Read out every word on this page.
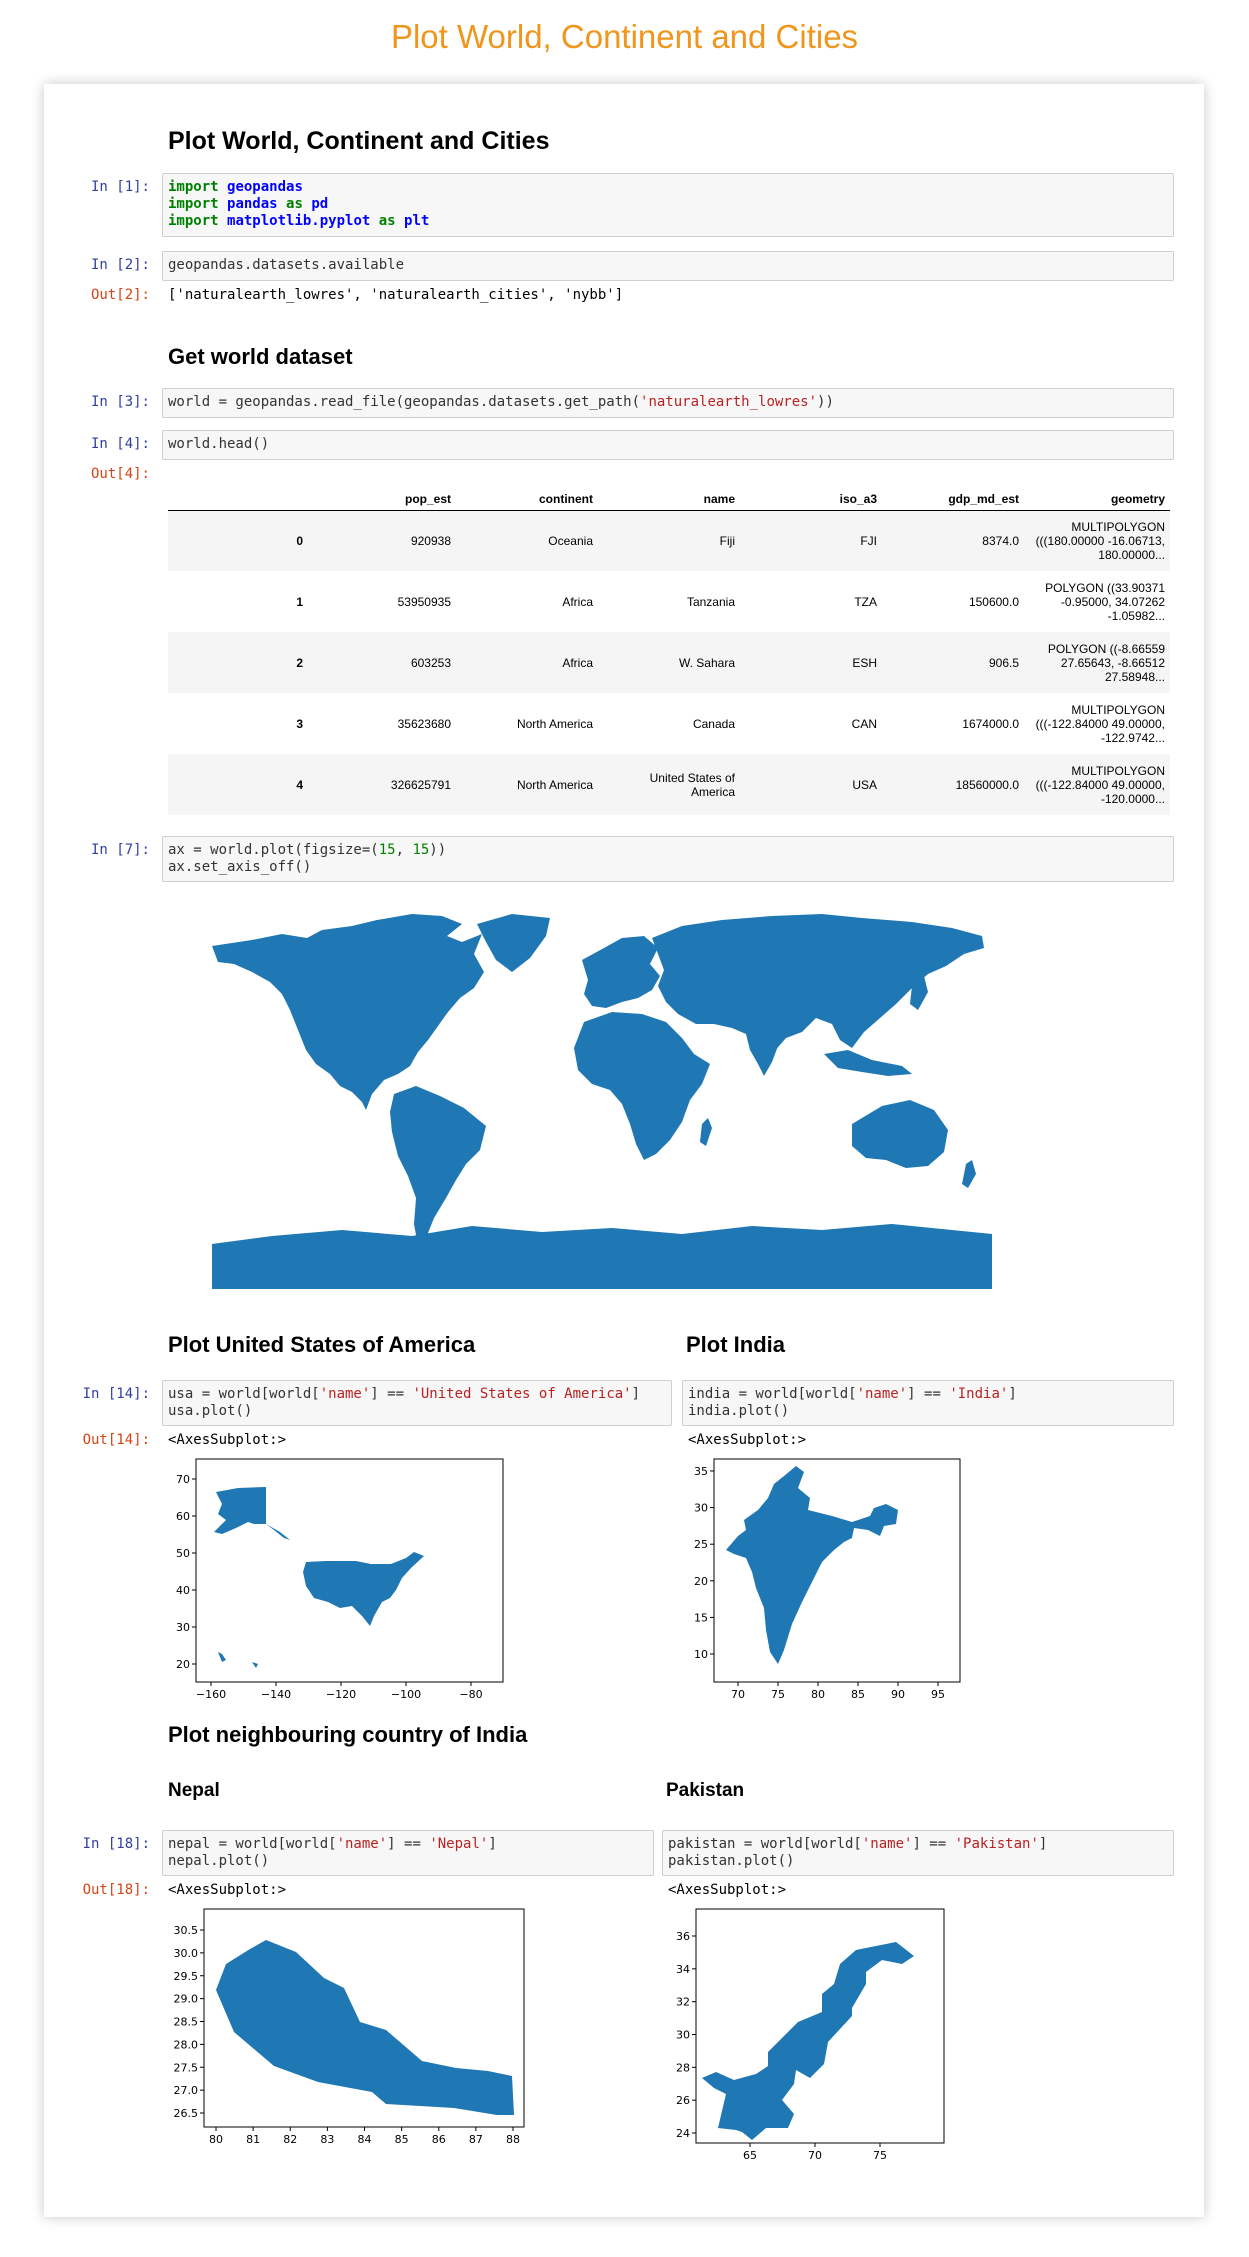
Plot World, Continent and Cities
Plot World, Continent and Cities
In [1]:	import geopandas
import pandas as pd
import matplotlib.pyplot as plt
In [2]:	geopandas.datasets.available
Out[2]: ['naturalearth_lowres', 'naturalearth_cities', 'nybb']
Get world dataset
In [3]:	world = geopandas.read_file(geopandas.datasets.get_path('naturalearth_lowres'))
In [4]:	world.head()
Out[4]:
	pop_est	continent	name	iso_a3	gdp_md_est	geometry
0	920938	Oceania	Fiji	FJI	8374.0	MULTIPOLYGON (((180.00000 -16.06713, 180.00000...
1	53950935	Africa	Tanzania	TZA	150600.0	POLYGON ((33.90371 -0.95000, 34.07262 -1.05982...
2	603253	Africa	W. Sahara	ESH	906.5	POLYGON ((-8.66559 27.65643, -8.66512 27.58948...
3	35623680	North America	Canada	CAN	1674000.0	MULTIPOLYGON (((-122.84000 49.00000, -122.9742...
4	326625791	North America	United States of America	USA	18560000.0	MULTIPOLYGON (((-122.84000 49.00000, -120.0000...
In [7]:	ax = world.plot(figsize=(15, 15))
ax.set_axis_off()
Plot United States of America	Plot India
In [14]:	usa = world[world['name'] == 'United States of America']
usa.plot()
india = world[world['name'] == 'India']
india.plot()
Out[14]: <AxesSubplot:>	<AxesSubplot:>
−160	−140	−120	−100	−80
70
60
50
40
30
20
70 75 80 85 90 95
35
30
25
20
15
10
Plot neighbouring country of India
Nepal	Pakistan
In [18]:	nepal = world[world['name'] == 'Nepal']
nepal.plot()
pakistan = world[world['name'] == 'Pakistan']
pakistan.plot()
Out[18]: <AxesSubplot:>	<AxesSubplot:>
80 81 82 83 84 85 86 87 88
30.5
30.0
29.5
29.0
28.5
28.0
27.5
27.0
26.5
65	70	75
36
34
32
30
28
26
24
